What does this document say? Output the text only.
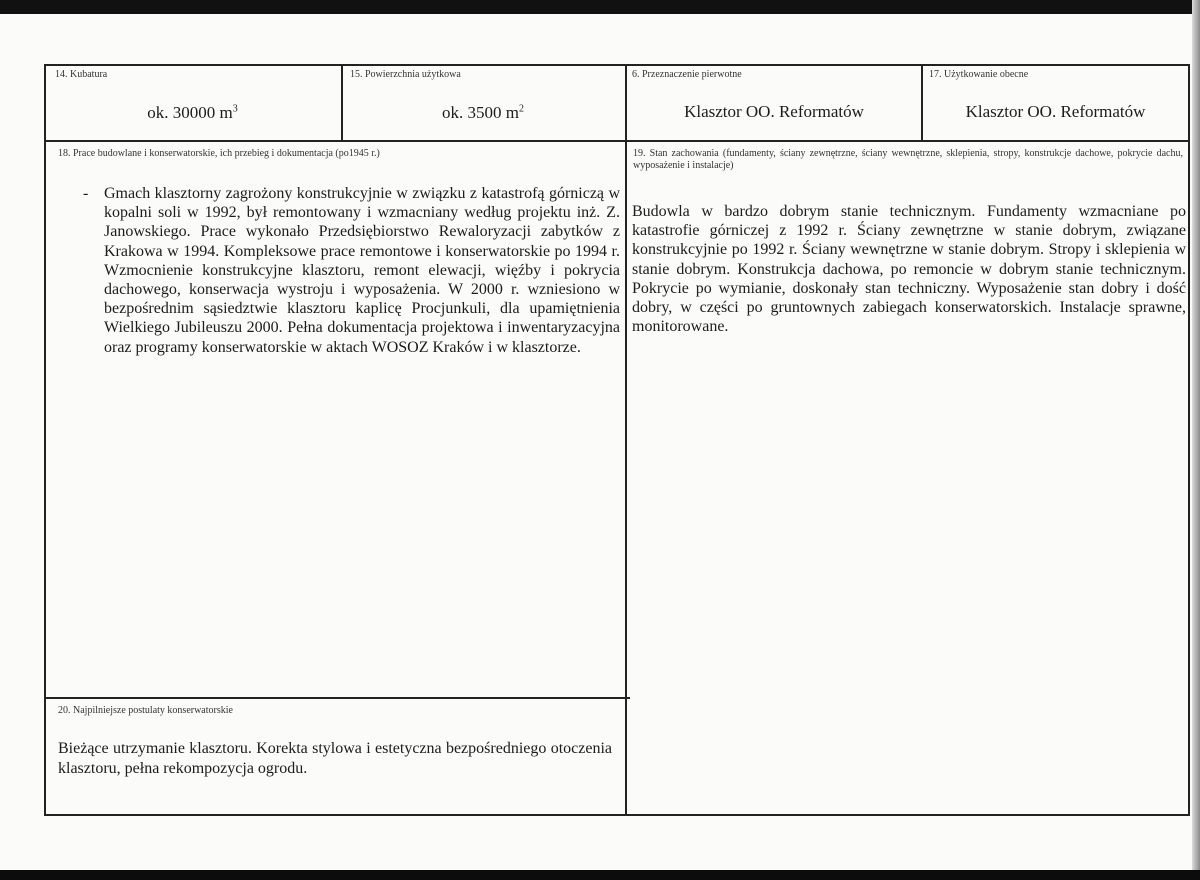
14. Kubatura
ok. 30000 $m^3$
15. Powierzchnia użytkowa
ok. 3500 $m^2$
6. Przeznaczenie pierwotne
Klasztor OO. Reformatów
17. Użytkowanie obecne
Klasztor OO. Reformatów
18. Prace budowlane i konserwatorskie, ich przebieg i dokumentacja (po1945 r.)
- Gmach klasztorny zagrożony konstrukcyjnie w związku z katastrofą górniczą w kopalni soli w 1992, był remontowany i wzmacniany według projektu inż. Z. Janowskiego. Prace wykonało Przedsiębiorstwo Rewaloryzacji zabytków z Krakowa w 1994. Kompleksowe prace remontowe i konserwatorskie po 1994 r. Wzmocnienie konstrukcyjne klasztoru, remont elewacji, więźby i pokrycia dachowego, konserwacja wystroju i wyposażenia. W 2000 r. wzniesiono w bezpośrednim sąsiedztwie klasztoru kaplicę Procjunkuli, dla upamiętnienia Wielkiego Jubileuszu 2000. Pełna dokumentacja projektowa i inwentaryzacyjna oraz programy konserwatorskie w aktach WOSOZ Kraków i w klasztorze.
19. Stan zachowania (fundamenty, ściany zewnętrzne, ściany wewnętrzne, sklepienia, stropy, konstrukcje dachowe, pokrycie dachu, wyposażenie i instalacje)
Budowla w bardzo dobrym stanie technicznym. Fundamenty wzmacniane po katastrofie górniczej z 1992 r. Ściany zewnętrzne w stanie dobrym, związane konstrukcyjnie po 1992 r. Ściany wewnętrzne w stanie dobrym. Stropy i sklepienia w stanie dobrym. Konstrukcja dachowa, po remoncie w dobrym stanie technicznym. Pokrycie po wymianie, doskonały stan techniczny. Wyposażenie stan dobry i dość dobry, w części po gruntownych zabiegach konserwatorskich. Instalacje sprawne, monitorowane.
20. Najpilniejsze postulaty konserwatorskie
Bieżące utrzymanie klasztoru. Korekta stylowa i estetyczna bezpośredniego otoczenia klasztoru, pełna rekompozycja ogrodu.
